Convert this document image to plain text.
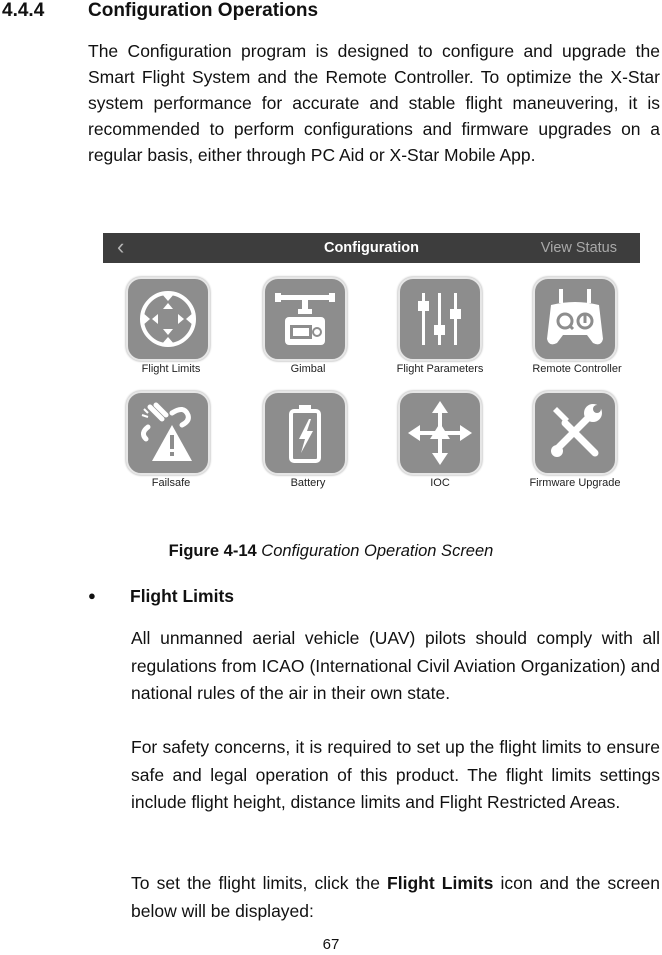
4.4.4 Configuration Operations

The Configuration program is designed to configure and upgrade the Smart Flight System and the Remote Controller. To optimize the X-Star system performance for accurate and stable flight maneuvering, it is recommended to perform configurations and firmware upgrades on a regular basis, either through PC Aid or X-Star Mobile App.

‹	Configuration	View Status
Flight Limits	Gimbal	Flight Parameters	Remote Controller
Failsafe	Battery	IOC	Firmware Upgrade
Figure 4-14 Configuration Operation Screen
● Flight Limits

All unmanned aerial vehicle (UAV) pilots should comply with all regulations from ICAO (International Civil Aviation Organization) and national rules of the air in their own state.

For safety concerns, it is required to set up the flight limits to ensure safe and legal operation of this product. The flight limits settings include flight height, distance limits and Flight Restricted Areas.

To set the flight limits, click the Flight Limits icon and the screen below will be displayed:

67
